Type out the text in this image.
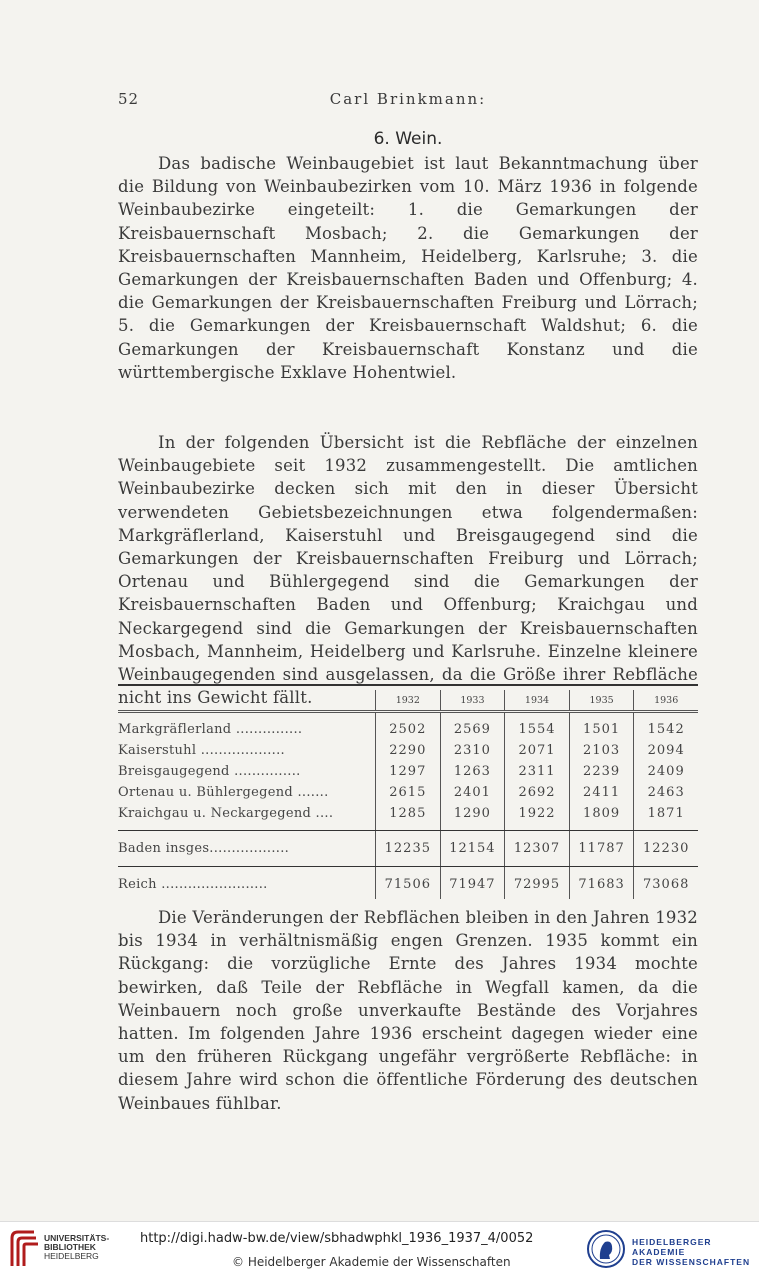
52	Carl Brinkmann:
6. Wein.

Das badische Weinbaugebiet ist laut Bekanntmachung über die Bildung von Weinbaubezirken vom 10. März 1936 in folgende Weinbaubezirke eingeteilt: 1. die Gemarkungen der Kreisbauernschaft Mosbach; 2. die Gemarkungen der Kreisbauernschaften Mannheim, Heidelberg, Karlsruhe; 3. die Gemarkungen der Kreisbauernschaften Baden und Offenburg; 4. die Gemarkungen der Kreisbauernschaften Freiburg und Lörrach; 5. die Gemarkungen der Kreisbauernschaft Waldshut; 6. die Gemarkungen der Kreisbauernschaft Konstanz und die württembergische Exklave Hohentwiel.

In der folgenden Übersicht ist die Rebfläche der einzelnen Weinbaugebiete seit 1932 zusammengestellt. Die amtlichen Weinbaubezirke decken sich mit den in dieser Übersicht verwendeten Gebietsbezeichnungen etwa folgendermaßen: Markgräflerland, Kaiserstuhl und Breisgaugegend sind die Gemarkungen der Kreisbauernschaften Freiburg und Lörrach; Ortenau und Bühlergegend sind die Gemarkungen der Kreisbauernschaften Baden und Offenburg; Kraichgau und Neckargegend sind die Gemarkungen der Kreisbauernschaften Mosbach, Mannheim, Heidelberg und Karlsruhe. Einzelne kleinere Weinbaugegenden sind ausgelassen, da die Größe ihrer Rebfläche nicht ins Gewicht fällt.

		1932	1933	1934	1935	1936
Markgräflerland ...............	2502	2569	1554	1501	1542
Kaiserstuhl ...................	2290	2310	2071	2103	2094
Breisgaugegend ...............	1297	1263	2311	2239	2409
Ortenau u. Bühlergegend .......	2615	2401	2692	2411	2463
Kraichgau u. Neckargegend ....	1285	1290	1922	1809	1871
Baden insges..................	12235	12154	12307	11787	12230
Reich ........................	71506	71947	72995	71683	73068

Die Veränderungen der Rebflächen bleiben in den Jahren 1932 bis 1934 in verhältnismäßig engen Grenzen. 1935 kommt ein Rückgang: die vorzügliche Ernte des Jahres 1934 mochte bewirken, daß Teile der Rebfläche in Wegfall kamen, da die Weinbauern noch große unverkaufte Bestände des Vorjahres hatten. Im folgenden Jahre 1936 erscheint dagegen wieder eine um den früheren Rückgang ungefähr vergrößerte Rebfläche: in diesem Jahre wird schon die öffentliche Förderung des deutschen Weinbaues fühlbar.

UNIVERSITÄTS-
BIBLIOTHEK
HEIDELBERG
http://digi.hadw-bw.de/view/sbhadwphkl_1936_1937_4/0052
© Heidelberger Akademie der Wissenschaften
HEIDELBERGER AKADEMIE
DER WISSENSCHAFTEN
